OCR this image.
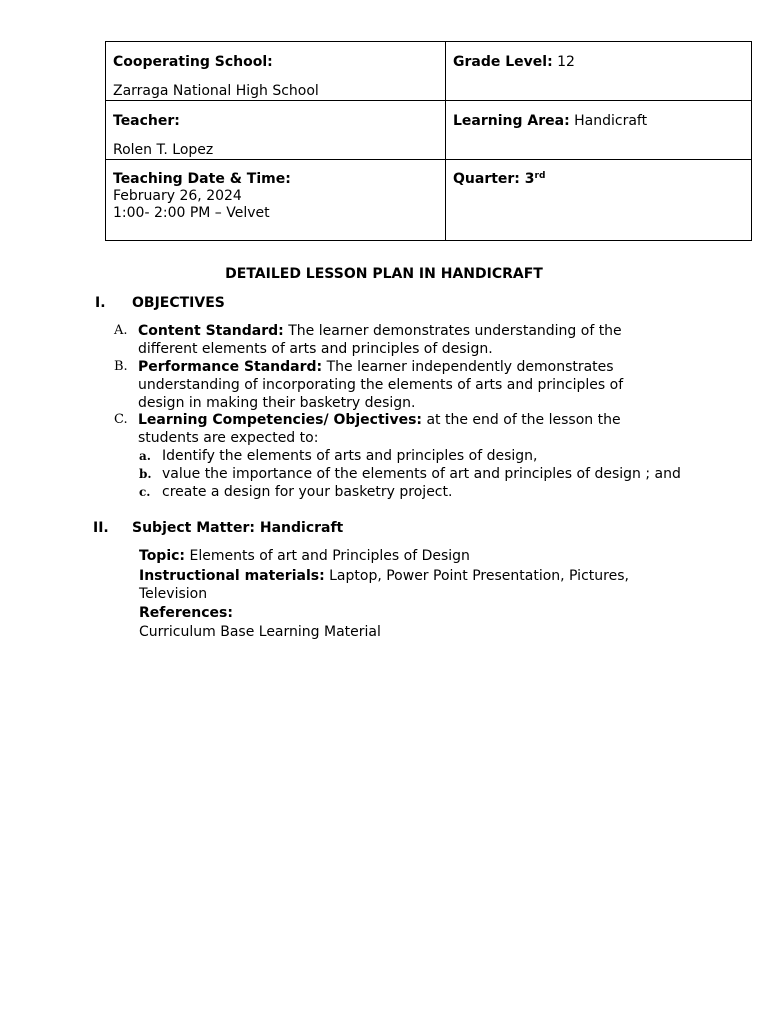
Cooperating School:
Zarraga National High School	Grade Level: 12

Teacher:
Rolen T. Lopez	Learning Area: Handicraft

Teaching Date & Time:
February 26, 2024
1:00- 2:00 PM – Velvet	Quarter: 3rd
DETAILED LESSON PLAN IN HANDICRAFT
I. OBJECTIVES
A. Content Standard: The learner demonstrates understanding of the different elements of arts and principles of design.
B. Performance Standard: The learner independently demonstrates understanding of incorporating the elements of arts and principles of design in making their basketry design.
C. Learning Competencies/ Objectives: at the end of the lesson the students are expected to:
a. Identify the elements of arts and principles of design,
b. value the importance of the elements of art and principles of design ; and
c. create a design for your basketry project.
II. Subject Matter: Handicraft
Topic: Elements of art and Principles of Design
Instructional materials: Laptop, Power Point Presentation, Pictures, Television
References:
Curriculum Base Learning Material
